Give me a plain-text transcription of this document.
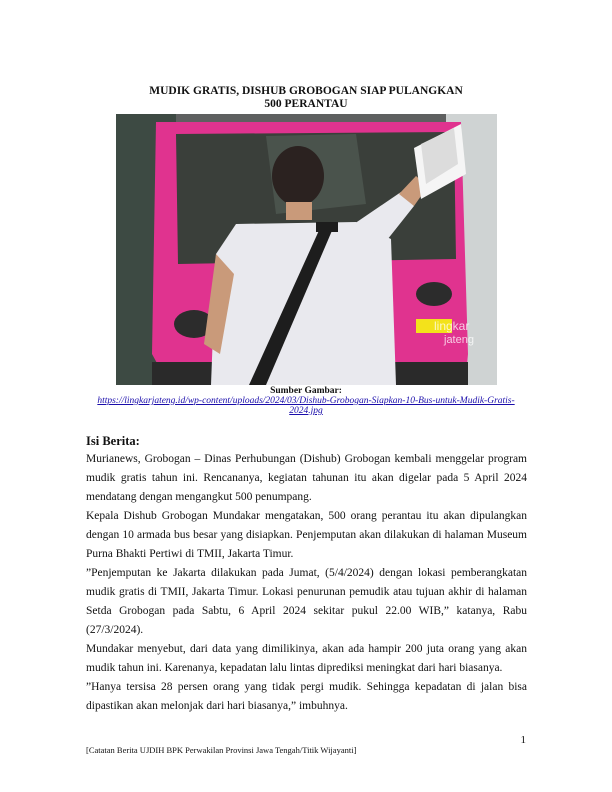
MUDIK GRATIS, DISHUB GROBOGAN SIAP PULANGKAN
500 PERANTAU
lingkar
jateng
Sumber Gambar:
https://lingkarjateng.id/wp-content/uploads/2024/03/Dishub-Grobogan-Siapkan-10-Bus-untuk-Mudik-Gratis-2024.jpg
Isi Berita:

Murianews, Grobogan – Dinas Perhubungan (Dishub) Grobogan kembali menggelar program mudik gratis tahun ini. Rencananya, kegiatan tahunan itu akan digelar pada 5 April 2024 mendatang dengan mengangkut 500 penumpang.

Kepala Dishub Grobogan Mundakar mengatakan, 500 orang perantau itu akan dipulangkan dengan 10 armada bus besar yang disiapkan. Penjemputan akan dilakukan di halaman Museum Purna Bhakti Pertiwi di TMII, Jakarta Timur.

”Penjemputan ke Jakarta dilakukan pada Jumat, (5/4/2024) dengan lokasi pemberangkatan mudik gratis di TMII, Jakarta Timur. Lokasi penurunan pemudik atau tujuan akhir di halaman Setda Grobogan pada Sabtu, 6 April 2024 sekitar pukul 22.00 WIB,” katanya, Rabu (27/3/2024).

Mundakar menyebut, dari data yang dimilikinya, akan ada hampir 200 juta orang yang akan mudik tahun ini. Karenanya, kepadatan lalu lintas diprediksi meningkat dari hari biasanya.

”Hanya tersisa 28 persen orang yang tidak pergi mudik. Sehingga kepadatan di jalan bisa dipastikan akan melonjak dari hari biasanya,” imbuhnya.

1
[Catatan Berita UJDIH BPK Perwakilan Provinsi Jawa Tengah/Titik Wijayanti]
